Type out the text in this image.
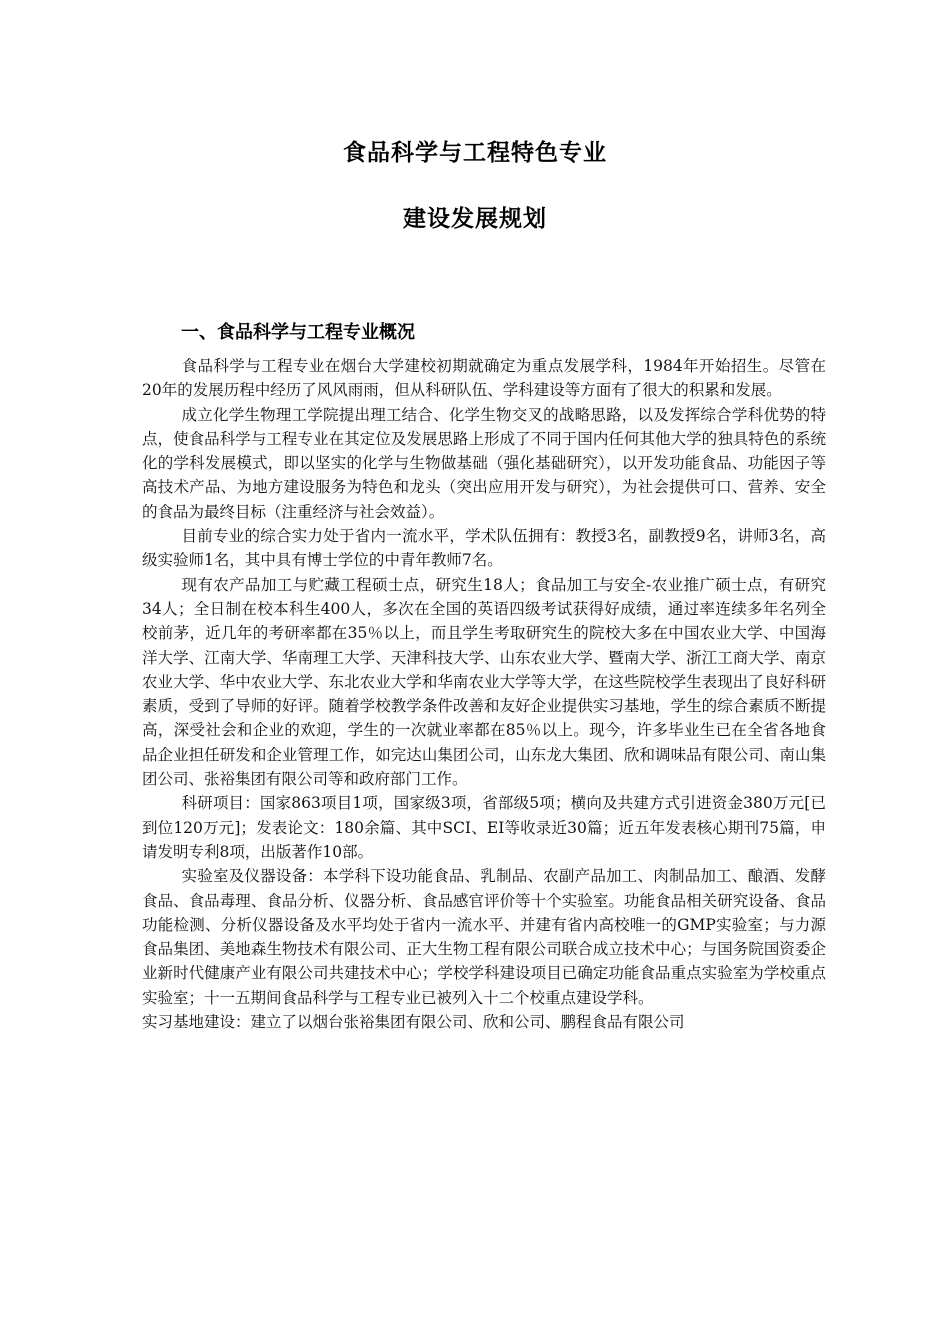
食品科学与工程特色专业
建设发展规划
一、食品科学与工程专业概况

食品科学与工程专业在烟台大学建校初期就确定为重点发展学科，1984年开始招生。尽管在20年的发展历程中经历了风风雨雨，但从科研队伍、学科建设等方面有了很大的积累和发展。

成立化学生物理工学院提出理工结合、化学生物交叉的战略思路，以及发挥综合学科优势的特点，使食品科学与工程专业在其定位及发展思路上形成了不同于国内任何其他大学的独具特色的系统化的学科发展模式，即以坚实的化学与生物做基础（强化基础研究），以开发功能食品、功能因子等高技术产品、为地方建设服务为特色和龙头（突出应用开发与研究），为社会提供可口、营养、安全的食品为最终目标（注重经济与社会效益）。

目前专业的综合实力处于省内一流水平，学术队伍拥有：教授3名，副教授9名，讲师3名，高级实验师1名，其中具有博士学位的中青年教师7名。

现有农产品加工与贮藏工程硕士点，研究生18人；食品加工与安全-农业推广硕士点，有研究34人；全日制在校本科生400人，多次在全国的英语四级考试获得好成绩，通过率连续多年名列全校前茅，近几年的考研率都在35％以上，而且学生考取研究生的院校大多在中国农业大学、中国海洋大学、江南大学、华南理工大学、天津科技大学、山东农业大学、暨南大学、浙江工商大学、南京农业大学、华中农业大学、东北农业大学和华南农业大学等大学，在这些院校学生表现出了良好科研素质，受到了导师的好评。随着学校教学条件改善和友好企业提供实习基地，学生的综合素质不断提高，深受社会和企业的欢迎，学生的一次就业率都在85％以上。现今，许多毕业生已在全省各地食品企业担任研发和企业管理工作，如完达山集团公司，山东龙大集团、欣和调味品有限公司、南山集团公司、张裕集团有限公司等和政府部门工作。

科研项目：国家863项目1项，国家级3项，省部级5项；横向及共建方式引进资金380万元[已到位120万元]；发表论文：180余篇、其中SCI、EI等收录近30篇；近五年发表核心期刊75篇，申请发明专利8项，出版著作10部。

实验室及仪器设备：本学科下设功能食品、乳制品、农副产品加工、肉制品加工、酿酒、发酵食品、食品毒理、食品分析、仪器分析、食品感官评价等十个实验室。功能食品相关研究设备、食品功能检测、分析仪器设备及水平均处于省内一流水平、并建有省内高校唯一的GMP实验室；与力源食品集团、美地森生物技术有限公司、正大生物工程有限公司联合成立技术中心；与国务院国资委企业新时代健康产业有限公司共建技术中心；学校学科建设项目已确定功能食品重点实验室为学校重点实验室；十一五期间食品科学与工程专业已被列入十二个校重点建设学科。

实习基地建设：建立了以烟台张裕集团有限公司、欣和公司、鹏程食品有限公司
